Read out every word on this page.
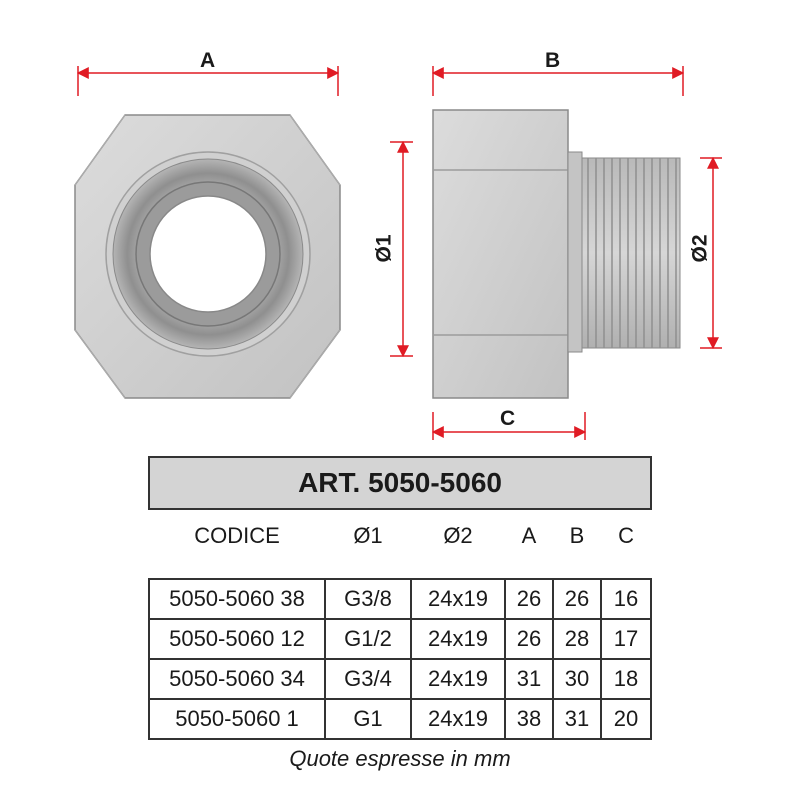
A	B
C
Ø1	Ø2
ART. 5050-5060					

CODICE	Ø1	Ø2	A	B	C

5050-5060 38	G3/8	24x19	26	26	16
5050-5060 12	G1/2	24x19	26	28	17
5050-5060 34	G3/4	24x19	31	30	18
5050-5060 1	G1	24x19	38	31	20
Quote espresse in mm
